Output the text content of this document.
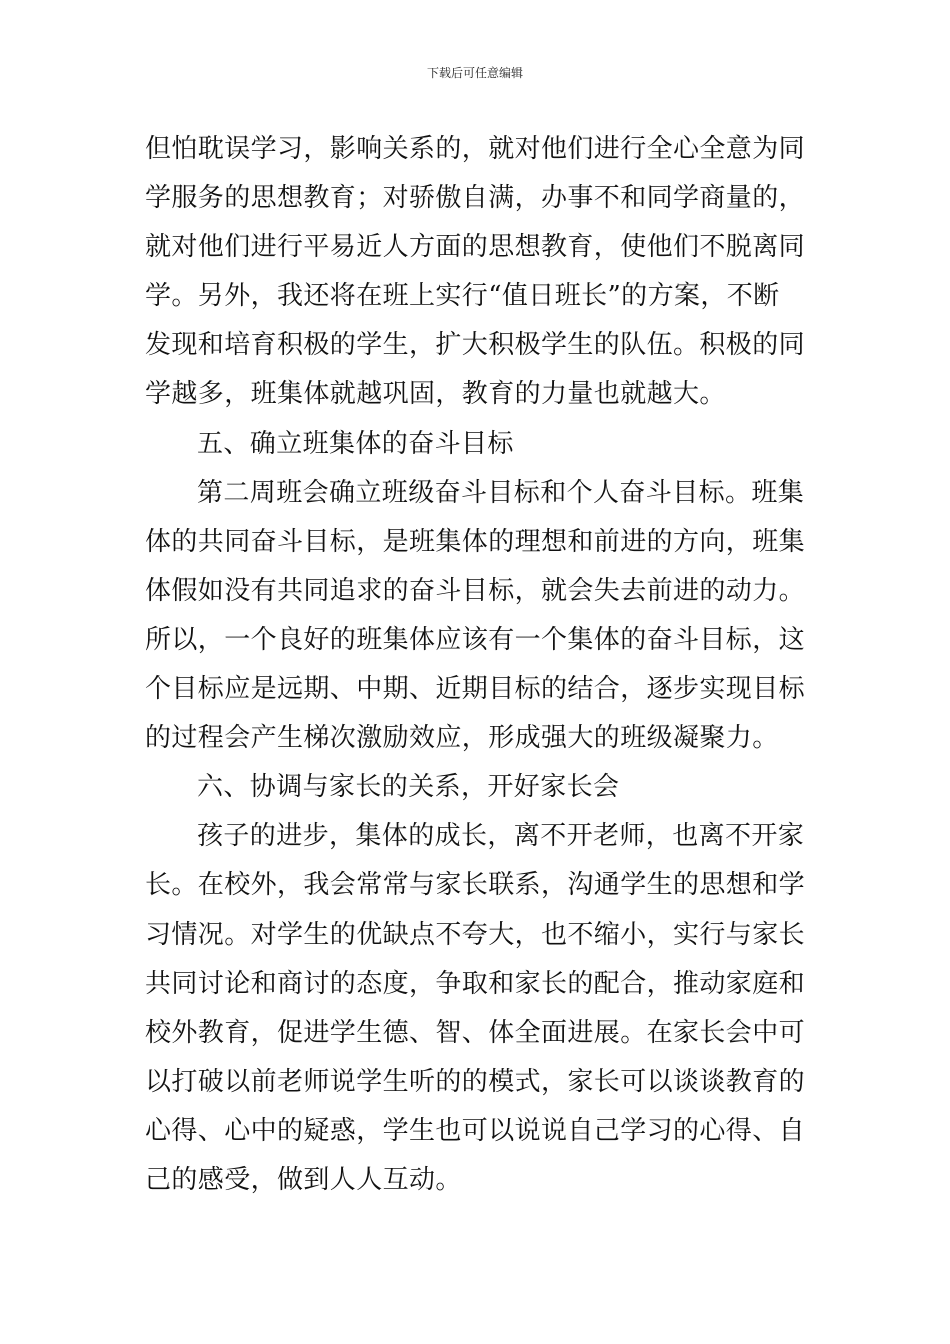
下载后可任意编辑
但怕耽误学习，影响关系的，就对他们进行全心全意为同
学服务的思想教育；对骄傲自满，办事不和同学商量的，
就对他们进行平易近人方面的思想教育，使他们不脱离同
学。另外，我还将在班上实行“值日班长”的方案，不断
发现和培育积极的学生，扩大积极学生的队伍。积极的同
学越多，班集体就越巩固，教育的力量也就越大。
五、确立班集体的奋斗目标
第二周班会确立班级奋斗目标和个人奋斗目标。班集
体的共同奋斗目标，是班集体的理想和前进的方向，班集
体假如没有共同追求的奋斗目标，就会失去前进的动力。
所以，一个良好的班集体应该有一个集体的奋斗目标，这
个目标应是远期、中期、近期目标的结合，逐步实现目标
的过程会产生梯次激励效应，形成强大的班级凝聚力。
六、协调与家长的关系，开好家长会
孩子的进步，集体的成长，离不开老师，也离不开家
长。在校外，我会常常与家长联系，沟通学生的思想和学
习情况。对学生的优缺点不夸大，也不缩小，实行与家长
共同讨论和商讨的态度，争取和家长的配合，推动家庭和
校外教育，促进学生德、智、体全面进展。在家长会中可
以打破以前老师说学生听的的模式，家长可以谈谈教育的
心得、心中的疑惑，学生也可以说说自己学习的心得、自
己的感受，做到人人互动。
